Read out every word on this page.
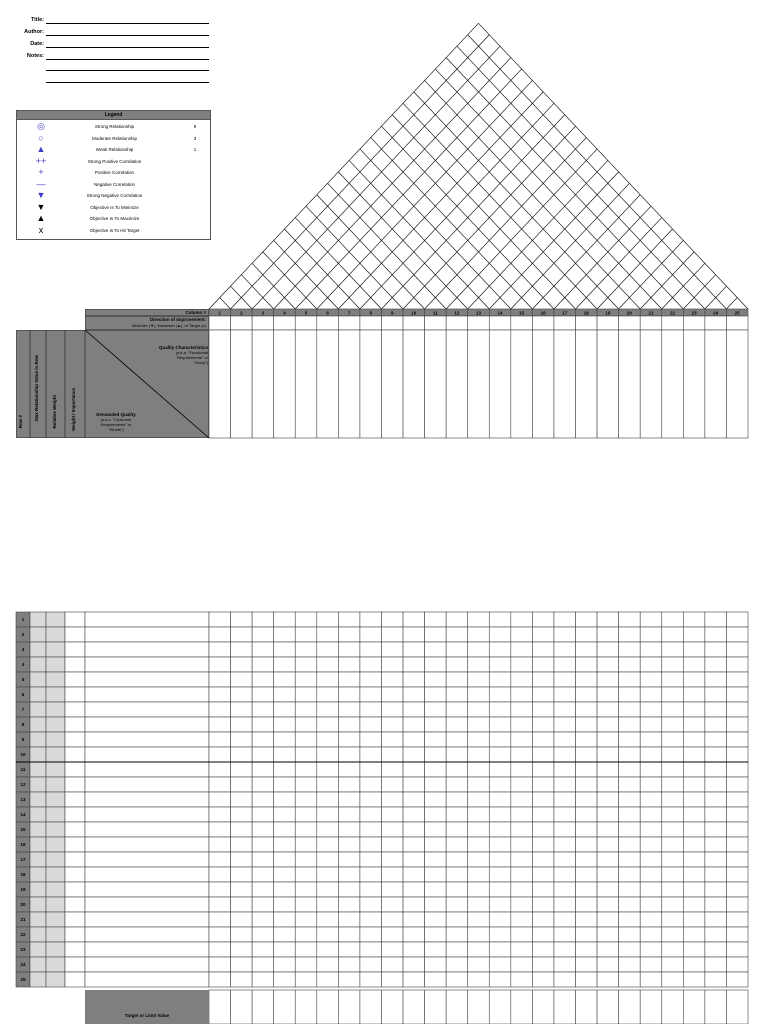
Title:
Author:
Date:
Notes:
Legend
◎	Strong Relationship	9
○	Moderate Relationship	3
▲	Weak Relationship	1
++	Strong Positive Correlation
+	Positive Correlation
—	Negative Correlation
▼	Strong Negative Correlation
▼	Objective Is To Minimize
▲	Objective Is To Maximize
x	Objective Is To Hit Target
Column #
Direction of Improvement:
Minimize (▼), Maximize (▲), or Target (x)
1	2	3	4	5	6	7	8	9	10	11	12	13	14	15	16	17	18	19	20	21	22	23	24	25
1
2
3
4
5
6
7
8
9
10
11
12
13
14
15
16
17
18
19
20
21
22
23
24
25
Row #
Max Relationship Value in Row	Relative Weight	Weight / Importance
Quality Characteristics
(a.k.a. "Functional Requirements" or "Hows")
Demanded Quality
(a.k.a. "Customer Requirements" or "Whats")
Target or Limit Value
